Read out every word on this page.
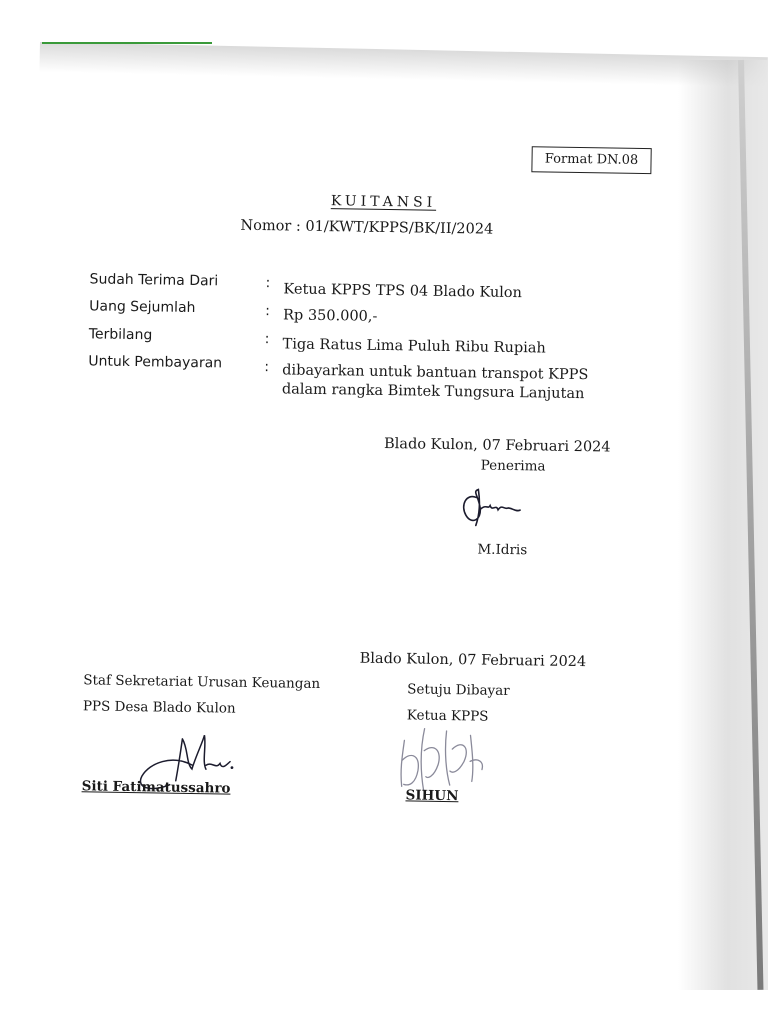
Format DN.08
KUITANSI
Nomor : 01/KWT/KPPS/BK/II/2024
Sudah Terima Dari	: Ketua KPPS TPS 04 Blado Kulon
Uang Sejumlah	: Rp 350.000,-
Terbilang	: Tiga Ratus Lima Puluh Ribu Rupiah
Untuk Pembayaran	: dibayarkan untuk bantuan transpot KPPS
dalam rangka Bimtek Tungsura Lanjutan
Blado Kulon, 07 Februari 2024
Penerima
M.Idris
Blado Kulon, 07 Februari 2024
Staf Sekretariat Urusan Keuangan
PPS Desa Blado Kulon
Siti Fatimatussahro
Setuju Dibayar
Ketua KPPS
SIHUN
